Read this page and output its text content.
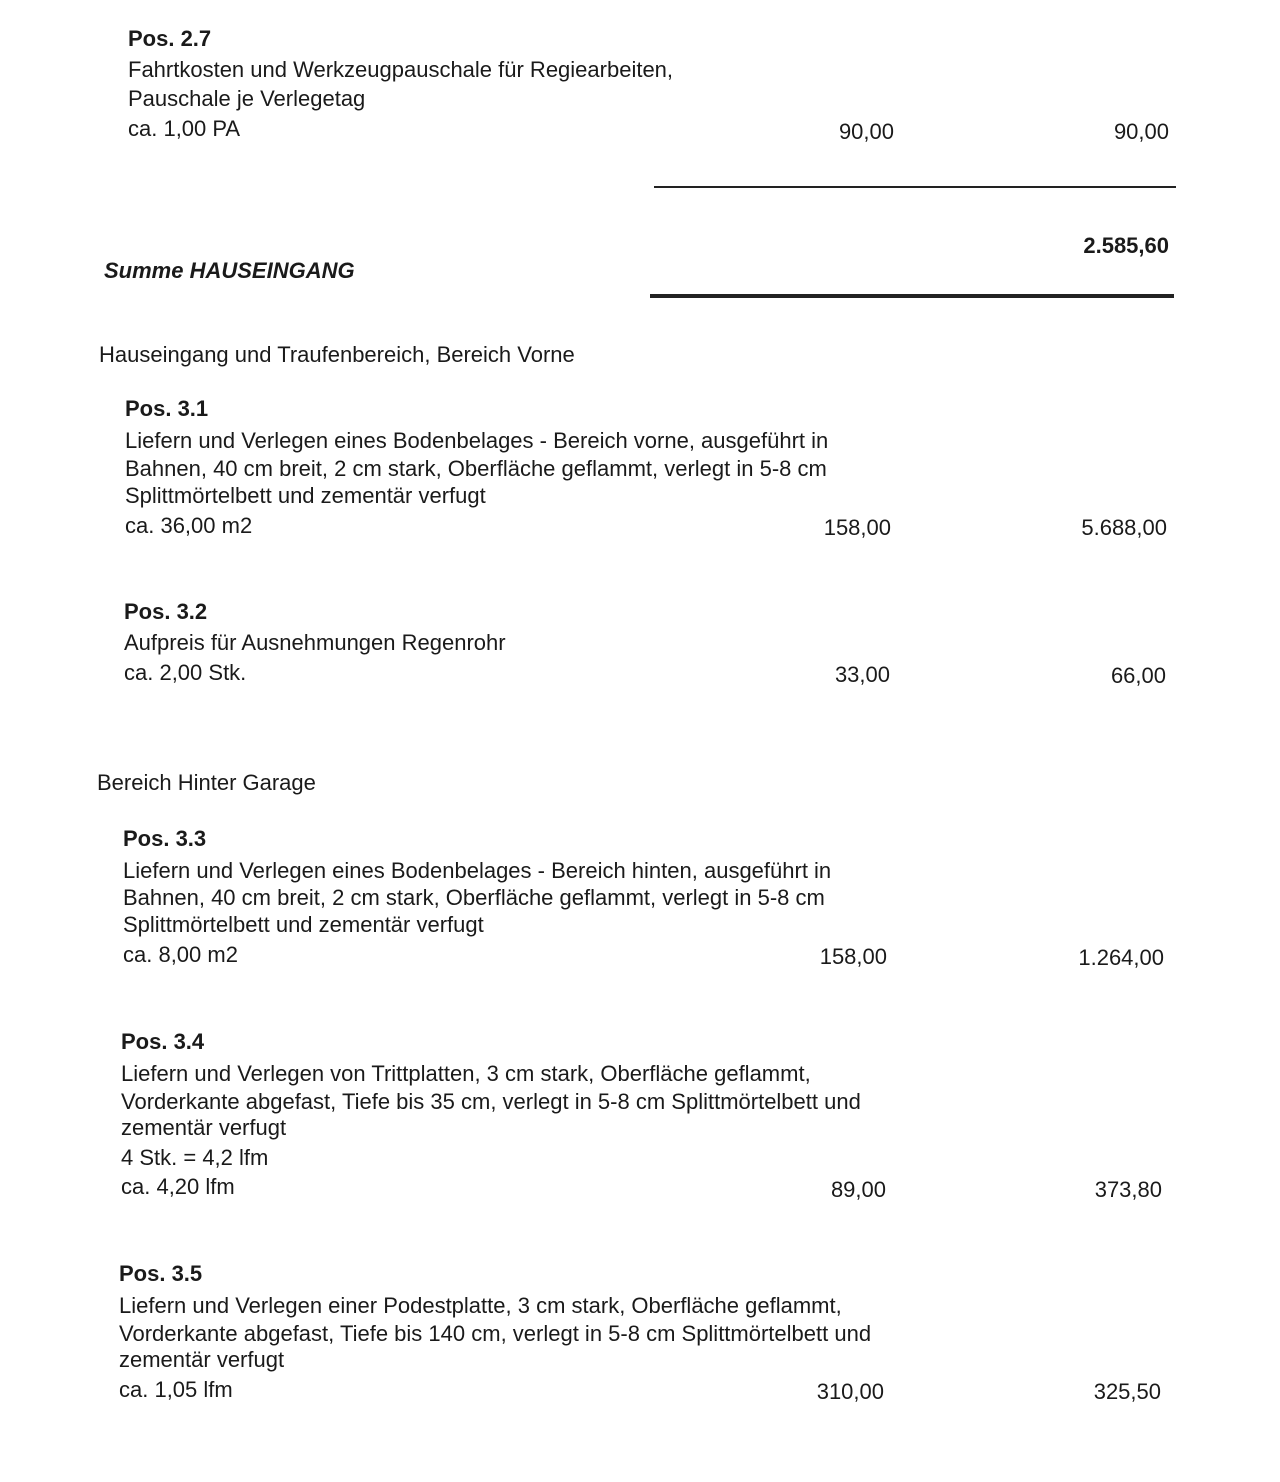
Pos. 2.7
Fahrtkosten und Werkzeugpauschale für Regiearbeiten,
Pauschale je Verlegetag
ca. 1,00 PA	90,00	90,00
2.585,60
Summe HAUSEINGANG
Hauseingang und Traufenbereich, Bereich Vorne
Pos. 3.1
Liefern und Verlegen eines Bodenbelages - Bereich vorne, ausgeführt in
Bahnen, 40 cm breit, 2 cm stark, Oberfläche geflammt, verlegt in 5-8 cm
Splittmörtelbett und zementär verfugt
ca. 36,00 m2	158,00	5.688,00
Pos. 3.2
Aufpreis für Ausnehmungen Regenrohr
ca. 2,00 Stk.	33,00	66,00
Bereich Hinter Garage
Pos. 3.3
Liefern und Verlegen eines Bodenbelages - Bereich hinten, ausgeführt in
Bahnen, 40 cm breit, 2 cm stark, Oberfläche geflammt, verlegt in 5-8 cm
Splittmörtelbett und zementär verfugt
ca. 8,00 m2	158,00	1.264,00
Pos. 3.4
Liefern und Verlegen von Trittplatten, 3 cm stark, Oberfläche geflammt,
Vorderkante abgefast, Tiefe bis 35 cm, verlegt in 5-8 cm Splittmörtelbett und
zementär verfugt
4 Stk. = 4,2 lfm
ca. 4,20 lfm	89,00	373,80
Pos. 3.5
Liefern und Verlegen einer Podestplatte, 3 cm stark, Oberfläche geflammt,
Vorderkante abgefast, Tiefe bis 140 cm, verlegt in 5-8 cm Splittmörtelbett und
zementär verfugt
ca. 1,05 lfm	310,00	325,50
